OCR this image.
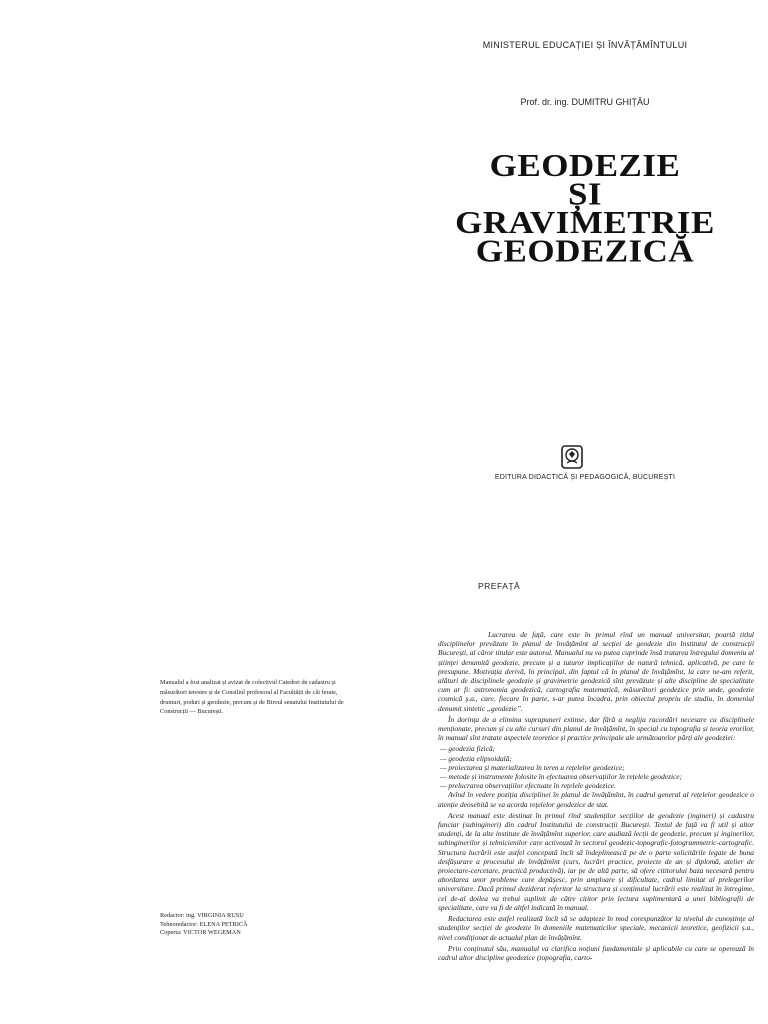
MINISTERUL EDUCAȚIEI ȘI ÎNVĂȚĂMÎNTULUI
Prof. dr. ing. DUMITRU GHIȚĂU
GEODEZIE
ȘI
GRAVIMETRIE
GEODEZICĂ
EDITURA DIDACTICĂ ȘI PEDAGOGICĂ, BUCUREȘTI
PREFAȚĂ

Manualul a fost analizat și avizat de colectivul Catedrei de cadastru și măsurători terestre și de Consiliul profesoral al Facultății de căi ferate, drumuri, poduri și geodezie, precum și de Biroul senatului Institutului de Construcții — București.

Redactor: ing. VIRGINIA RUSU
Tehnoredactor: ELENA PETRICĂ
Coperta: VICTOR WEGEMAN

Lucrarea de față, care este în primul rînd un manual universitar, poartă titlul disciplinelor prevăzute în planul de învățămînt al secției de geodezie din Institutul de construcții București, al căror titular este autorul. Manualul nu va putea cuprinde însă tratarea întregului domeniu al științei denumită geodezie, precum și a tuturor implicațiilor de natură tehnică, aplicativă, pe care le presupune. Motivația derivă, în principal, din faptul că în planul de învățămînt, la care ne-am referit, alături de disciplinele geodezie și gravimetrie geodezică sînt prevăzute și alte discipline de specialitate cum ar fi: astronomia geodezică, cartografia matematică, măsurători geodezice prin unde, geodezie cosmică ș.a., care, fiecare în parte, s-ar putea încadra, prin obiectul propriu de studiu, în domeniul denumit sintetic „geodezie”.

În dorința de a elimina suprapuneri extinse, dar fără a neglija racordări necesare cu disciplinele menționate, precum și cu alte cursuri din planul de învățămînt, în special cu topografia și teoria erorilor, în manual sînt tratate aspectele teoretice și practice principale ale următoarelor părți ale geodeziei:

— geodezia fizică;
— geodezia elipsoidală;
— proiectarea și materializarea în teren a rețelelor geodezice;
— metode și instrumente folosite în efectuarea observațiilor în rețelele geodezice;
— prelucrarea observațiilor efectuate în rețelele geodezice.

Avînd în vedere poziția disciplinei în planul de învățămînt, în cadrul general al rețelelor geodezice o atenție deosebită se va acorda rețelelor geodezice de stat.

Acest manual este destinat în primul rînd studenților secțiilor de geodezie (ingineri) și cadastru funciar (subingineri) din cadrul Institutului de construcții București. Textul de față va fi util și altor studenți, de la alte institute de învățămînt superior, care audiază lecții de geodezie, precum și inginerilor, subinginerilor și tehnicienilor care activează în sectorul geodezic-topografic-fotogrammetric-cartografic. Structura lucrării este astfel concepută încît să îndeplinească pe de o parte solicitările legate de buna desfășurare a procesului de învățămînt (curs, lucrări practice, proiecte de an și diplomă, atelier de proiectare-cercetare, practică productivă), iar pe de altă parte, să ofere cititorului baza necesară pentru abordarea unor probleme care depășesc, prin amploare și dificultate, cadrul limitat al prelegerilor universitare. Dacă primul deziderat referitor la structura și conținutul lucrării este realizat în întregime, cel de-al doilea va trebui suplinit de către cititor prin lectura suplimentară a unei bibliografii de specialitate, care va fi de altfel indicată în manual.

Redactarea este astfel realizată încît să se adapteze în mod corespunzător la nivelul de cunoștințe al studenților secției de geodezie în domeniile matematicilor speciale, mecanicii teoretice, geofizicii ș.a., nivel condiționat de actualul plan de învățămînt.

Prin conținutul său, manualul va clarifica noțiuni fundamentale și aplicabile cu care se operează în cadrul altor discipline geodezice (topografia, carto-
